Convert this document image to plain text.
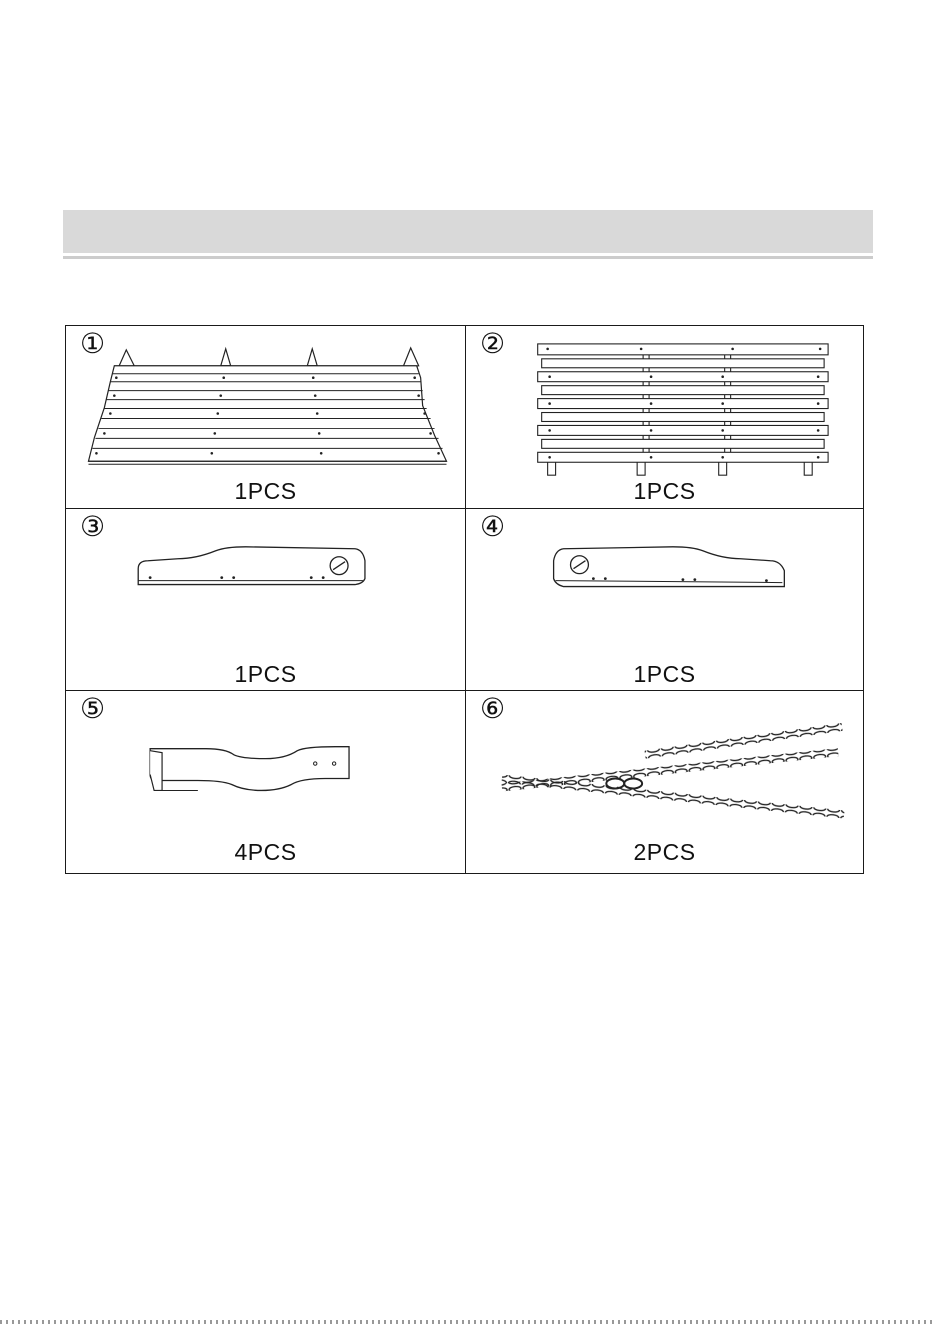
①
1PCS
②
1PCS
③
1PCS
④
1PCS
⑤
4PCS
⑥
2PCS
